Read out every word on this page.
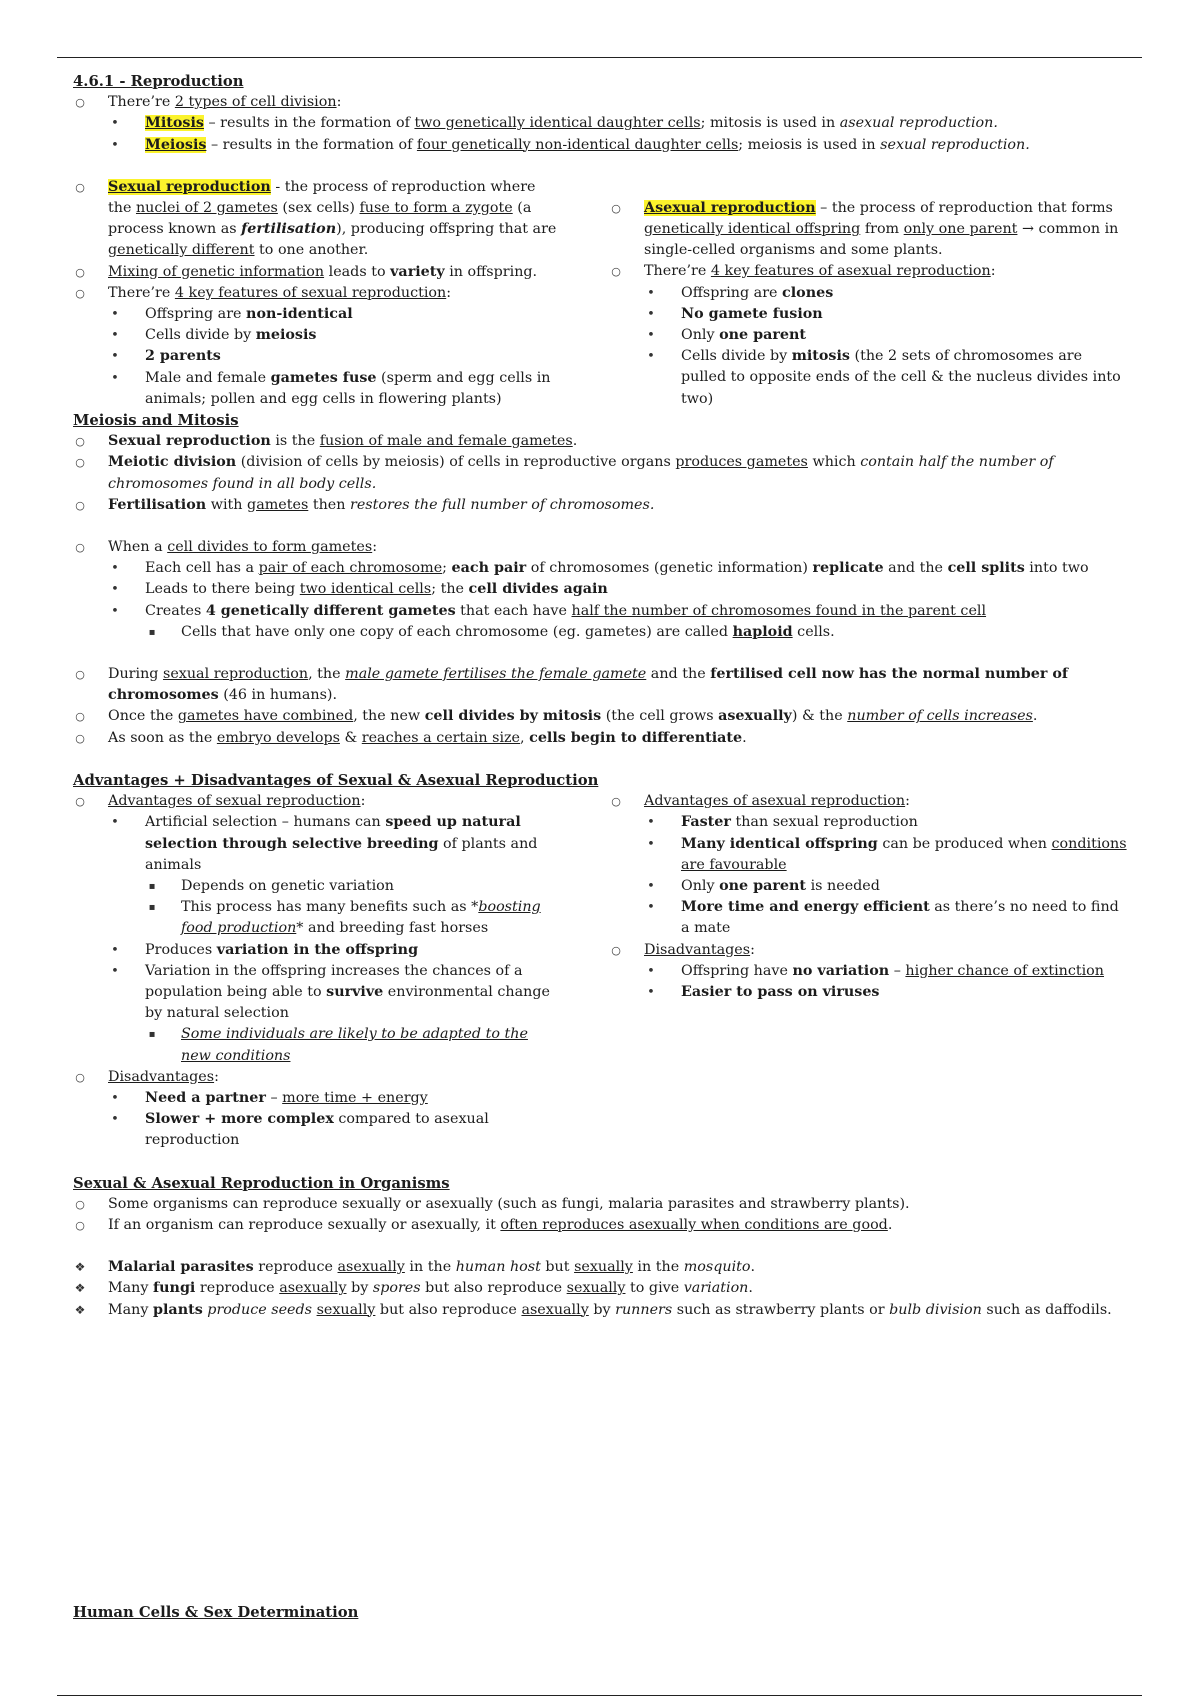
4.6.1 - Reproduction
○ There’re 2 types of cell division:
• Mitosis – results in the formation of two genetically identical daughter cells; mitosis is used in asexual reproduction.
• Meiosis – results in the formation of four genetically non-identical daughter cells; meiosis is used in sexual reproduction.
○ Sexual reproduction - the process of reproduction where the nuclei of 2 gametes (sex cells) fuse to form a zygote (a process known as fertilisation), producing offspring that are genetically different to one another.
○ Mixing of genetic information leads to variety in offspring.
○ There’re 4 key features of sexual reproduction:
• Offspring are non-identical
• Cells divide by meiosis
• 2 parents
• Male and female gametes fuse (sperm and egg cells in animals; pollen and egg cells in flowering plants)
○ Asexual reproduction – the process of reproduction that forms genetically identical offspring from only one parent → common in single-celled organisms and some plants.
○ There’re 4 key features of asexual reproduction:
• Offspring are clones
• No gamete fusion
• Only one parent
• Cells divide by mitosis (the 2 sets of chromosomes are pulled to opposite ends of the cell & the nucleus divides into two)
Meiosis and Mitosis
○ Sexual reproduction is the fusion of male and female gametes.
○ Meiotic division (division of cells by meiosis) of cells in reproductive organs produces gametes which contain half the number of chromosomes found in all body cells.
○ Fertilisation with gametes then restores the full number of chromosomes.
○ When a cell divides to form gametes:
• Each cell has a pair of each chromosome; each pair of chromosomes (genetic information) replicate and the cell splits into two
• Leads to there being two identical cells; the cell divides again
• Creates 4 genetically different gametes that each have half the number of chromosomes found in the parent cell
▪ Cells that have only one copy of each chromosome (eg. gametes) are called haploid cells.
○ During sexual reproduction, the male gamete fertilises the female gamete and the fertilised cell now has the normal number of chromosomes (46 in humans).
○ Once the gametes have combined, the new cell divides by mitosis (the cell grows asexually) & the number of cells increases.
○ As soon as the embryo develops & reaches a certain size, cells begin to differentiate.
Advantages + Disadvantages of Sexual & Asexual Reproduction
○ Advantages of sexual reproduction:
• Artificial selection – humans can speed up natural selection through selective breeding of plants and animals
▪ Depends on genetic variation
▪ This process has many benefits such as *boosting food production* and breeding fast horses
• Produces variation in the offspring
• Variation in the offspring increases the chances of a population being able to survive environmental change by natural selection
▪ Some individuals are likely to be adapted to the new conditions
○ Disadvantages:
• Need a partner – more time + energy
• Slower + more complex compared to asexual reproduction
○ Advantages of asexual reproduction:
• Faster than sexual reproduction
• Many identical offspring can be produced when conditions are favourable
• Only one parent is needed
• More time and energy efficient as there’s no need to find a mate
○ Disadvantages:
• Offspring have no variation – higher chance of extinction
• Easier to pass on viruses
Sexual & Asexual Reproduction in Organisms
○ Some organisms can reproduce sexually or asexually (such as fungi, malaria parasites and strawberry plants).
○ If an organism can reproduce sexually or asexually, it often reproduces asexually when conditions are good.
❖ Malarial parasites reproduce asexually in the human host but sexually in the mosquito.
❖ Many fungi reproduce asexually by spores but also reproduce sexually to give variation.
❖ Many plants produce seeds sexually but also reproduce asexually by runners such as strawberry plants or bulb division such as daffodils.
Human Cells & Sex Determination
